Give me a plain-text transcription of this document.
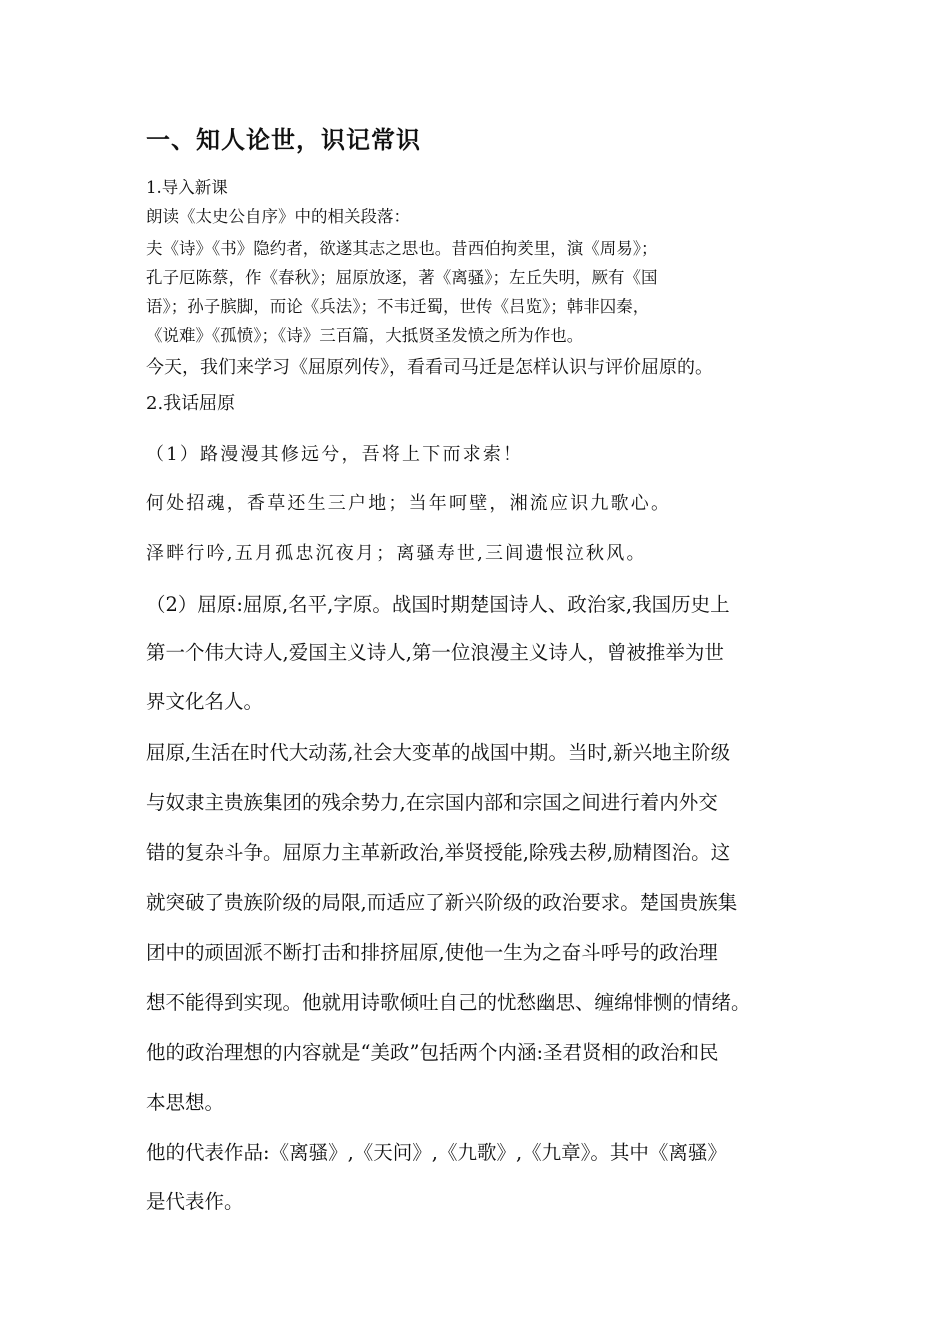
一、知人论世，识记常识

1.导入新课

朗读《太史公自序》中的相关段落：

夫《诗》《书》隐约者，欲遂其志之思也。昔西伯拘羑里，演《周易》；

孔子厄陈蔡，作《春秋》；屈原放逐，著《离骚》；左丘失明，厥有《国

语》；孙子膑脚，而论《兵法》；不韦迁蜀，世传《吕览》；韩非囚秦，

《说难》《孤愤》；《诗》三百篇，大抵贤圣发愤之所为作也。

今天，我们来学习《屈原列传》，看看司马迁是怎样认识与评价屈原的。

2.我话屈原

（1）路漫漫其修远兮，吾将上下而求索！

何处招魂，香草还生三户地；当年呵壁，湘流应识九歌心。

泽畔行吟,五月孤忠沉夜月；离骚寿世,三闾遗恨泣秋风。

（2）屈原:屈原,名平,字原。战国时期楚国诗人、政治家,我国历史上

第一个伟大诗人,爱国主义诗人,第一位浪漫主义诗人，曾被推举为世

界文化名人。

屈原,生活在时代大动荡,社会大变革的战国中期。当时,新兴地主阶级

与奴隶主贵族集团的残余势力,在宗国内部和宗国之间进行着内外交

错的复杂斗争。屈原力主革新政治,举贤授能,除残去秽,励精图治。这

就突破了贵族阶级的局限,而适应了新兴阶级的政治要求。楚国贵族集

团中的顽固派不断打击和排挤屈原,使他一生为之奋斗呼号的政治理

想不能得到实现。他就用诗歌倾吐自己的忧愁幽思、缠绵悱恻的情绪。

他的政治理想的内容就是“美政”包括两个内涵:圣君贤相的政治和民

本思想。

他的代表作品:《离骚》,《天问》,《九歌》,《九章》。其中《离骚》

是代表作。
